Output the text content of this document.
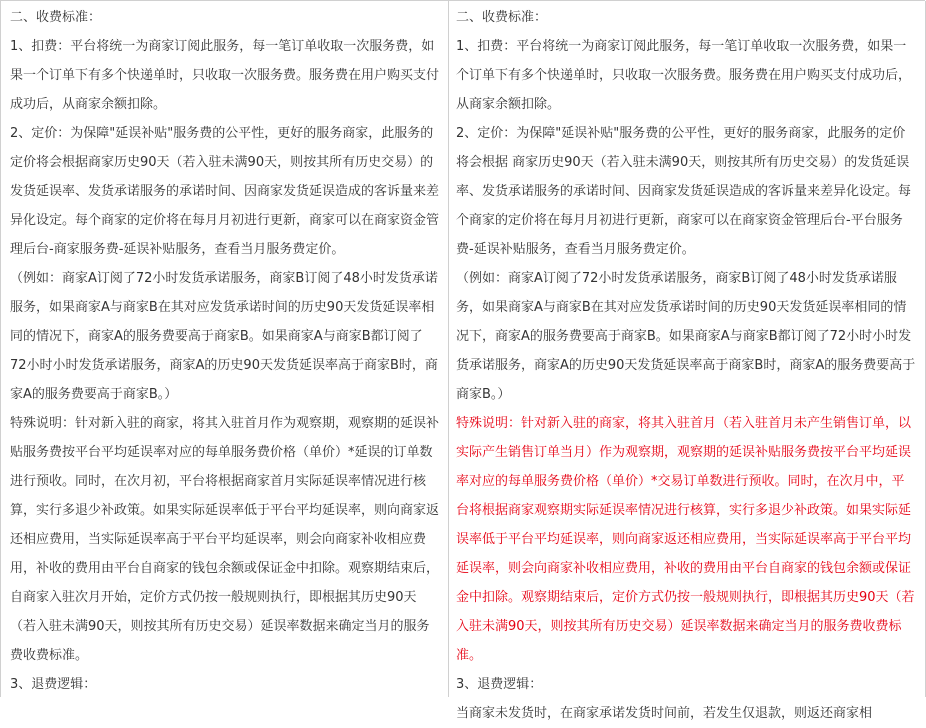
二、收费标准：

1、扣费：平台将统一为商家订阅此服务，每一笔订单收取一次服务费，如果一个订单下有多个快递单时，只收取一次服务费。服务费在用户购买支付成功后，从商家余额扣除。

2、定价：为保障"延误补贴"服务费的公平性，更好的服务商家，此服务的定价将会根据商家历史90天（若入驻未满90天，则按其所有历史交易）的发货延误率、发货承诺服务的承诺时间、因商家发货延误造成的客诉量来差异化设定。每个商家的定价将在每月月初进行更新，商家可以在商家资金管理后台-商家服务费-延误补贴服务，查看当月服务费定价。

（例如：商家A订阅了72小时发货承诺服务，商家B订阅了48小时发货承诺服务，如果商家A与商家B在其对应发货承诺时间的历史90天发货延误率相同的情况下，商家A的服务费要高于商家B。如果商家A与商家B都订阅了72小时小时发货承诺服务，商家A的历史90天发货延误率高于商家B时，商家A的服务费要高于商家B。）

特殊说明：针对新入驻的商家，将其入驻首月作为观察期，观察期的延误补贴服务费按平台平均延误率对应的每单服务费价格（单价）*延误的订单数进行预收。同时，在次月初，平台将根据商家首月实际延误率情况进行核算，实行多退少补政策。如果实际延误率低于平台平均延误率，则向商家返还相应费用，当实际延误率高于平台平均延误率，则会向商家补收相应费用，补收的费用由平台自商家的钱包余额或保证金中扣除。观察期结束后，自商家入驻次月开始，定价方式仍按一般规则执行，即根据其历史90天（若入驻未满90天，则按其所有历史交易）延误率数据来确定当月的服务费收费标准。

3、退费逻辑：

二、收费标准：

1、扣费：平台将统一为商家订阅此服务，每一笔订单收取一次服务费，如果一个订单下有多个快递单时，只收取一次服务费。服务费在用户购买支付成功后，从商家余额扣除。

2、定价：为保障"延误补贴"服务费的公平性，更好的服务商家，此服务的定价将会根据 商家历史90天（若入驻未满90天，则按其所有历史交易）的发货延误率、发货承诺服务的承诺时间、因商家发货延误造成的客诉量来差异化设定。每个商家的定价将在每月月初进行更新，商家可以在商家资金管理后台-平台服务费-延误补贴服务，查看当月服务费定价。

（例如：商家A订阅了72小时发货承诺服务，商家B订阅了48小时发货承诺服务，如果商家A与商家B在其对应发货承诺时间的历史90天发货延误率相同的情况下，商家A的服务费要高于商家B。如果商家A与商家B都订阅了72小时小时发货承诺服务，商家A的历史90天发货延误率高于商家B时，商家A的服务费要高于商家B。）

特殊说明：针对新入驻的商家，将其入驻首月（若入驻首月未产生销售订单，以实际产生销售订单当月）作为观察期，观察期的延误补贴服务费按平台平均延误率对应的每单服务费价格（单价）*交易订单数进行预收。同时，在次月中，平台将根据商家观察期实际延误率情况进行核算，实行多退少补政策。如果实际延误率低于平台平均延误率，则向商家返还相应费用，当实际延误率高于平台平均延误率，则会向商家补收相应费用，补收的费用由平台自商家的钱包余额或保证金中扣除。观察期结束后，定价方式仍按一般规则执行，即根据其历史90天（若入驻未满90天，则按其所有历史交易）延误率数据来确定当月的服务费收费标准。

3、退费逻辑：

当商家未发货时，在商家承诺发货时间前，若发生仅退款，则返还商家相
